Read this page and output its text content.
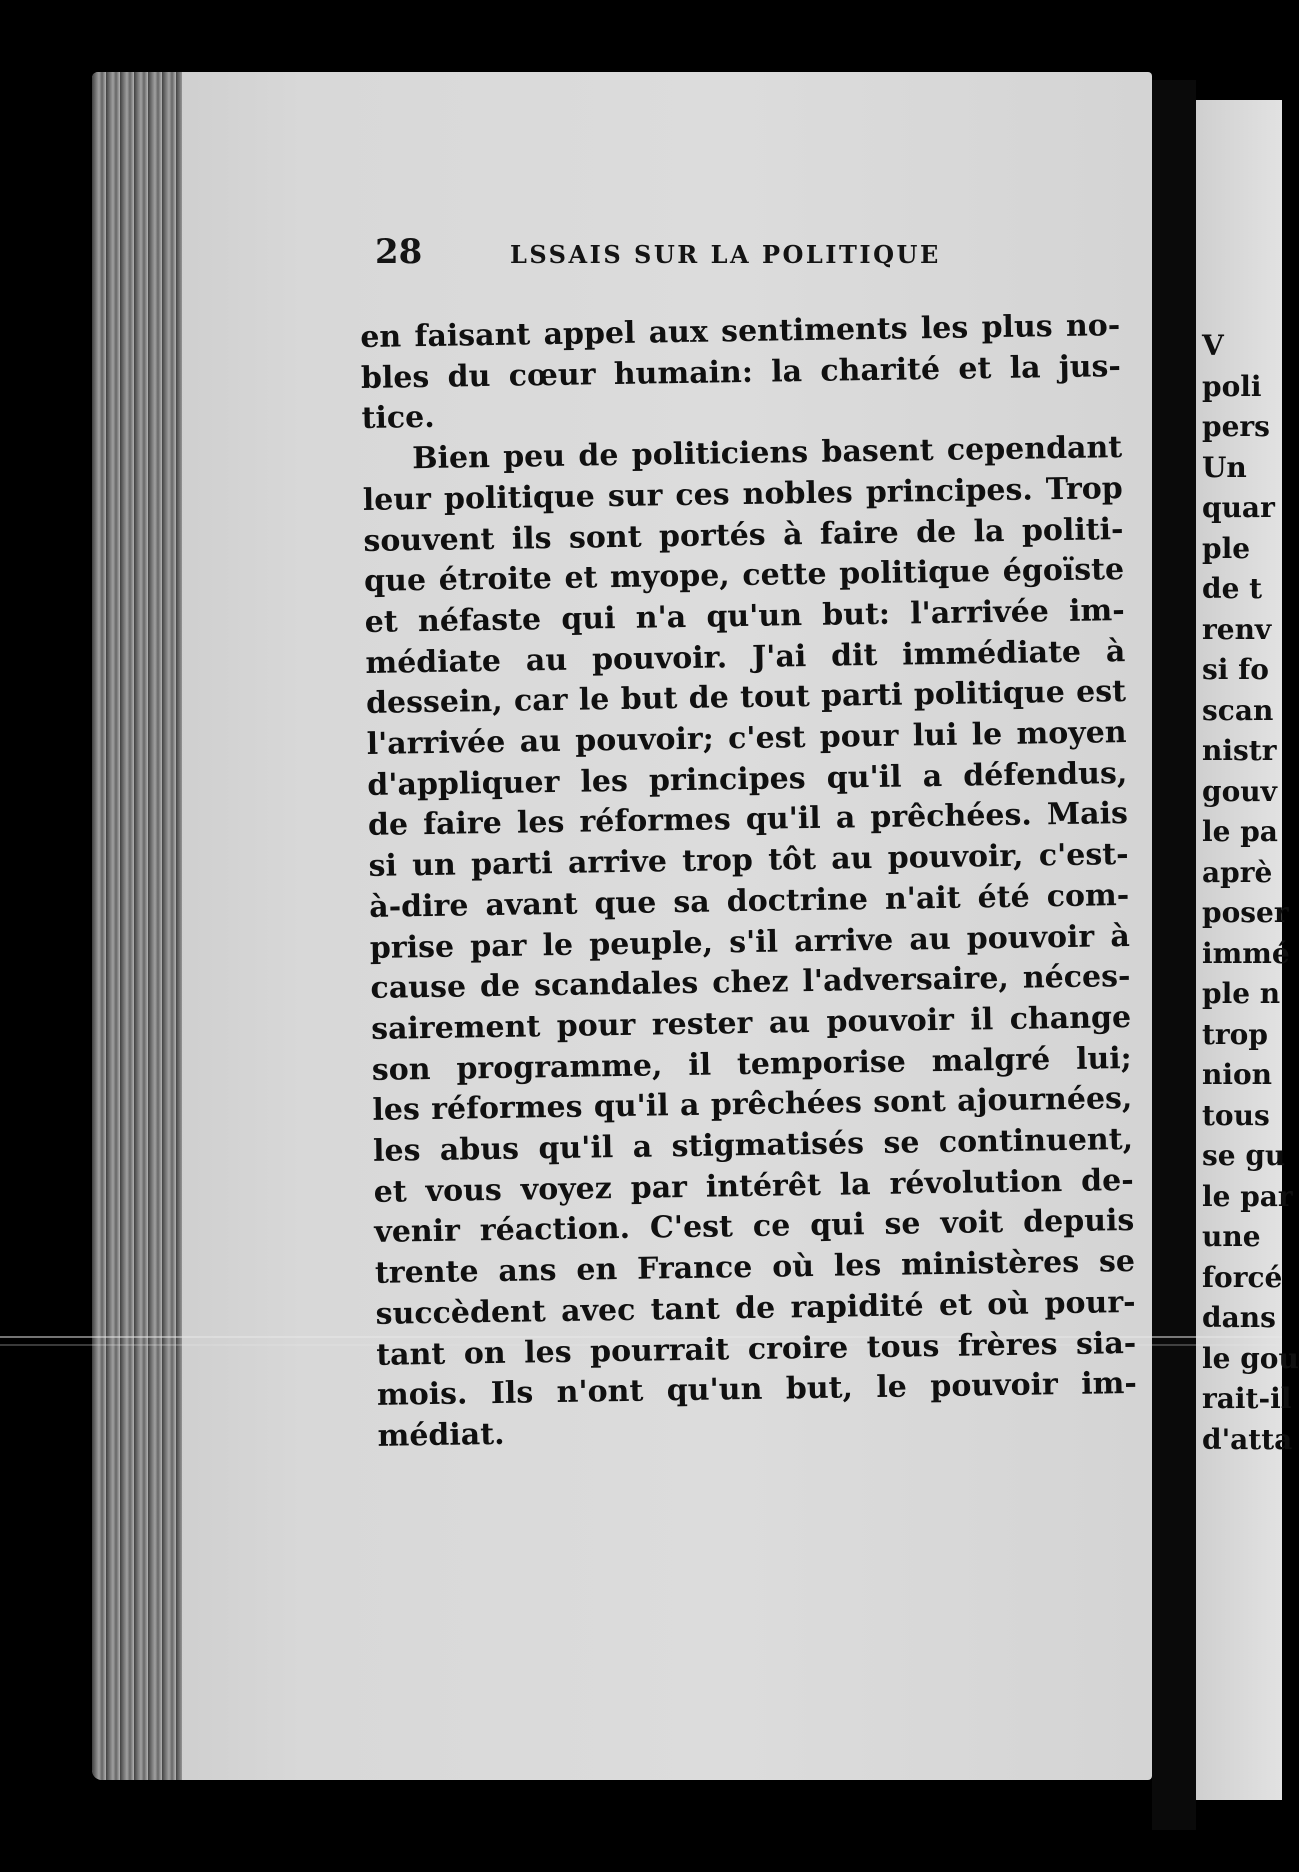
28	LSSAIS SUR LA POLITIQUE
en faisant appel aux sentiments les plus no-
bles du cœur humain: la charité et la jus-
tice.
Bien peu de politiciens basent cependant
leur politique sur ces nobles principes. Trop
souvent ils sont portés à faire de la politi-
que étroite et myope, cette politique égoïste
et néfaste qui n'a qu'un but: l'arrivée im-
médiate au pouvoir. J'ai dit immédiate à
dessein, car le but de tout parti politique est
l'arrivée au pouvoir; c'est pour lui le moyen
d'appliquer les principes qu'il a défendus,
de faire les réformes qu'il a prêchées. Mais
si un parti arrive trop tôt au pouvoir, c'est-
à-dire avant que sa doctrine n'ait été com-
prise par le peuple, s'il arrive au pouvoir à
cause de scandales chez l'adversaire, néces-
sairement pour rester au pouvoir il change
son programme, il temporise malgré lui;
les réformes qu'il a prêchées sont ajournées,
les abus qu'il a stigmatisés se continuent,
et vous voyez par intérêt la révolution de-
venir réaction. C'est ce qui se voit depuis
trente ans en France où les ministères se
succèdent avec tant de rapidité et où pour-
tant on les pourrait croire tous frères sia-
mois. Ils n'ont qu'un but, le pouvoir im-
médiat.
V
poli
pers
Un
quar
ple
de t
renv
si fo
scan
nistr
gouv
le pa
aprè
poser
immé
ple n
trop
nion
tous
se gu
le par
une
forcé
dans
le gou
rait-il
d'atta
